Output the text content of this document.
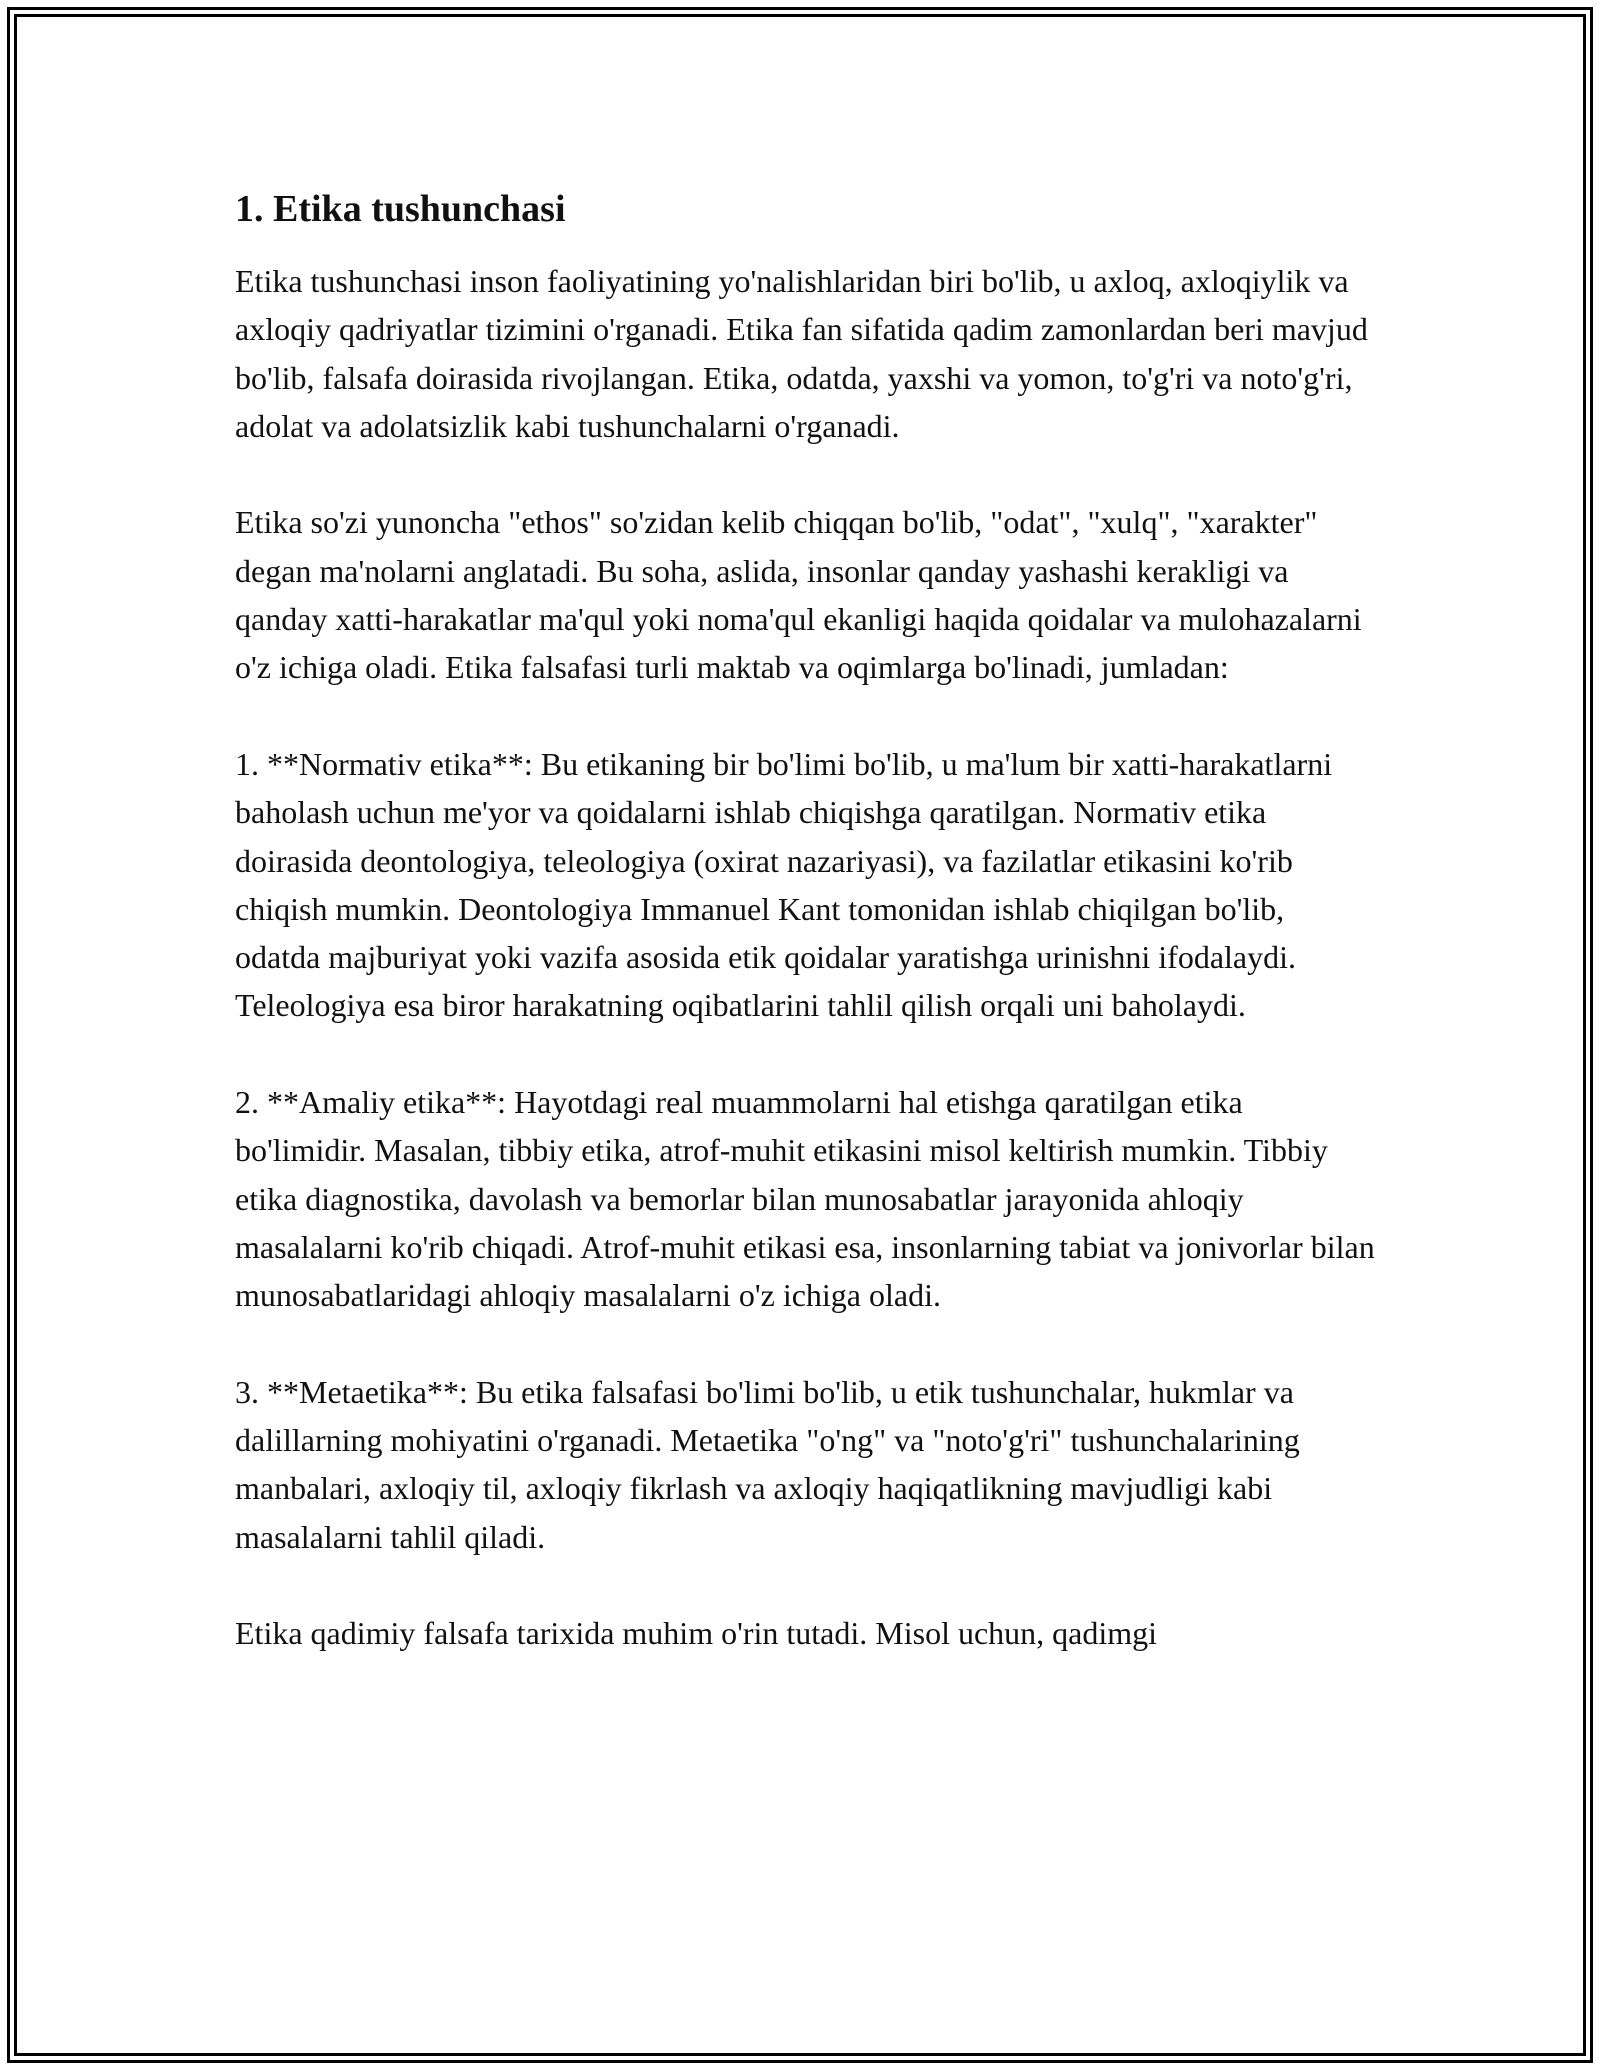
1. Etika tushunchasi

Etika tushunchasi inson faoliyatining yo'nalishlaridan biri bo'lib, u axloq, axloqiylik va axloqiy qadriyatlar tizimini o'rganadi. Etika fan sifatida qadim zamonlardan beri mavjud bo'lib, falsafa doirasida rivojlangan. Etika, odatda, yaxshi va yomon, to'g'ri va noto'g'ri, adolat va adolatsizlik kabi tushunchalarni o'rganadi.

Etika so'zi yunoncha "ethos" so'zidan kelib chiqqan bo'lib, "odat", "xulq", "xarakter" degan ma'nolarni anglatadi. Bu soha, aslida, insonlar qanday yashashi kerakligi va qanday xatti-harakatlar ma'qul yoki noma'qul ekanligi haqida qoidalar va mulohazalarni o'z ichiga oladi. Etika falsafasi turli maktab va oqimlarga bo'linadi, jumladan:

1. **Normativ etika**: Bu etikaning bir bo'limi bo'lib, u ma'lum bir xatti-harakatlarni baholash uchun me'yor va qoidalarni ishlab chiqishga qaratilgan. Normativ etika doirasida deontologiya, teleologiya (oxirat nazariyasi), va fazilatlar etikasini ko'rib chiqish mumkin. Deontologiya Immanuel Kant tomonidan ishlab chiqilgan bo'lib, odatda majburiyat yoki vazifa asosida etik qoidalar yaratishga urinishni ifodalaydi. Teleologiya esa biror harakatning oqibatlarini tahlil qilish orqali uni baholaydi.

2. **Amaliy etika**: Hayotdagi real muammolarni hal etishga qaratilgan etika bo'limidir. Masalan, tibbiy etika, atrof-muhit etikasini misol keltirish mumkin. Tibbiy etika diagnostika, davolash va bemorlar bilan munosabatlar jarayonida ahloqiy masalalarni ko'rib chiqadi. Atrof-muhit etikasi esa, insonlarning tabiat va jonivorlar bilan munosabatlaridagi ahloqiy masalalarni o'z ichiga oladi.

3. **Metaetika**: Bu etika falsafasi bo'limi bo'lib, u etik tushunchalar, hukmlar va dalillarning mohiyatini o'rganadi. Metaetika "o'ng" va "noto'g'ri" tushunchalarining manbalari, axloqiy til, axloqiy fikrlash va axloqiy haqiqatlikning mavjudligi kabi masalalarni tahlil qiladi.

Etika qadimiy falsafa tarixida muhim o'rin tutadi. Misol uchun, qadimgi
